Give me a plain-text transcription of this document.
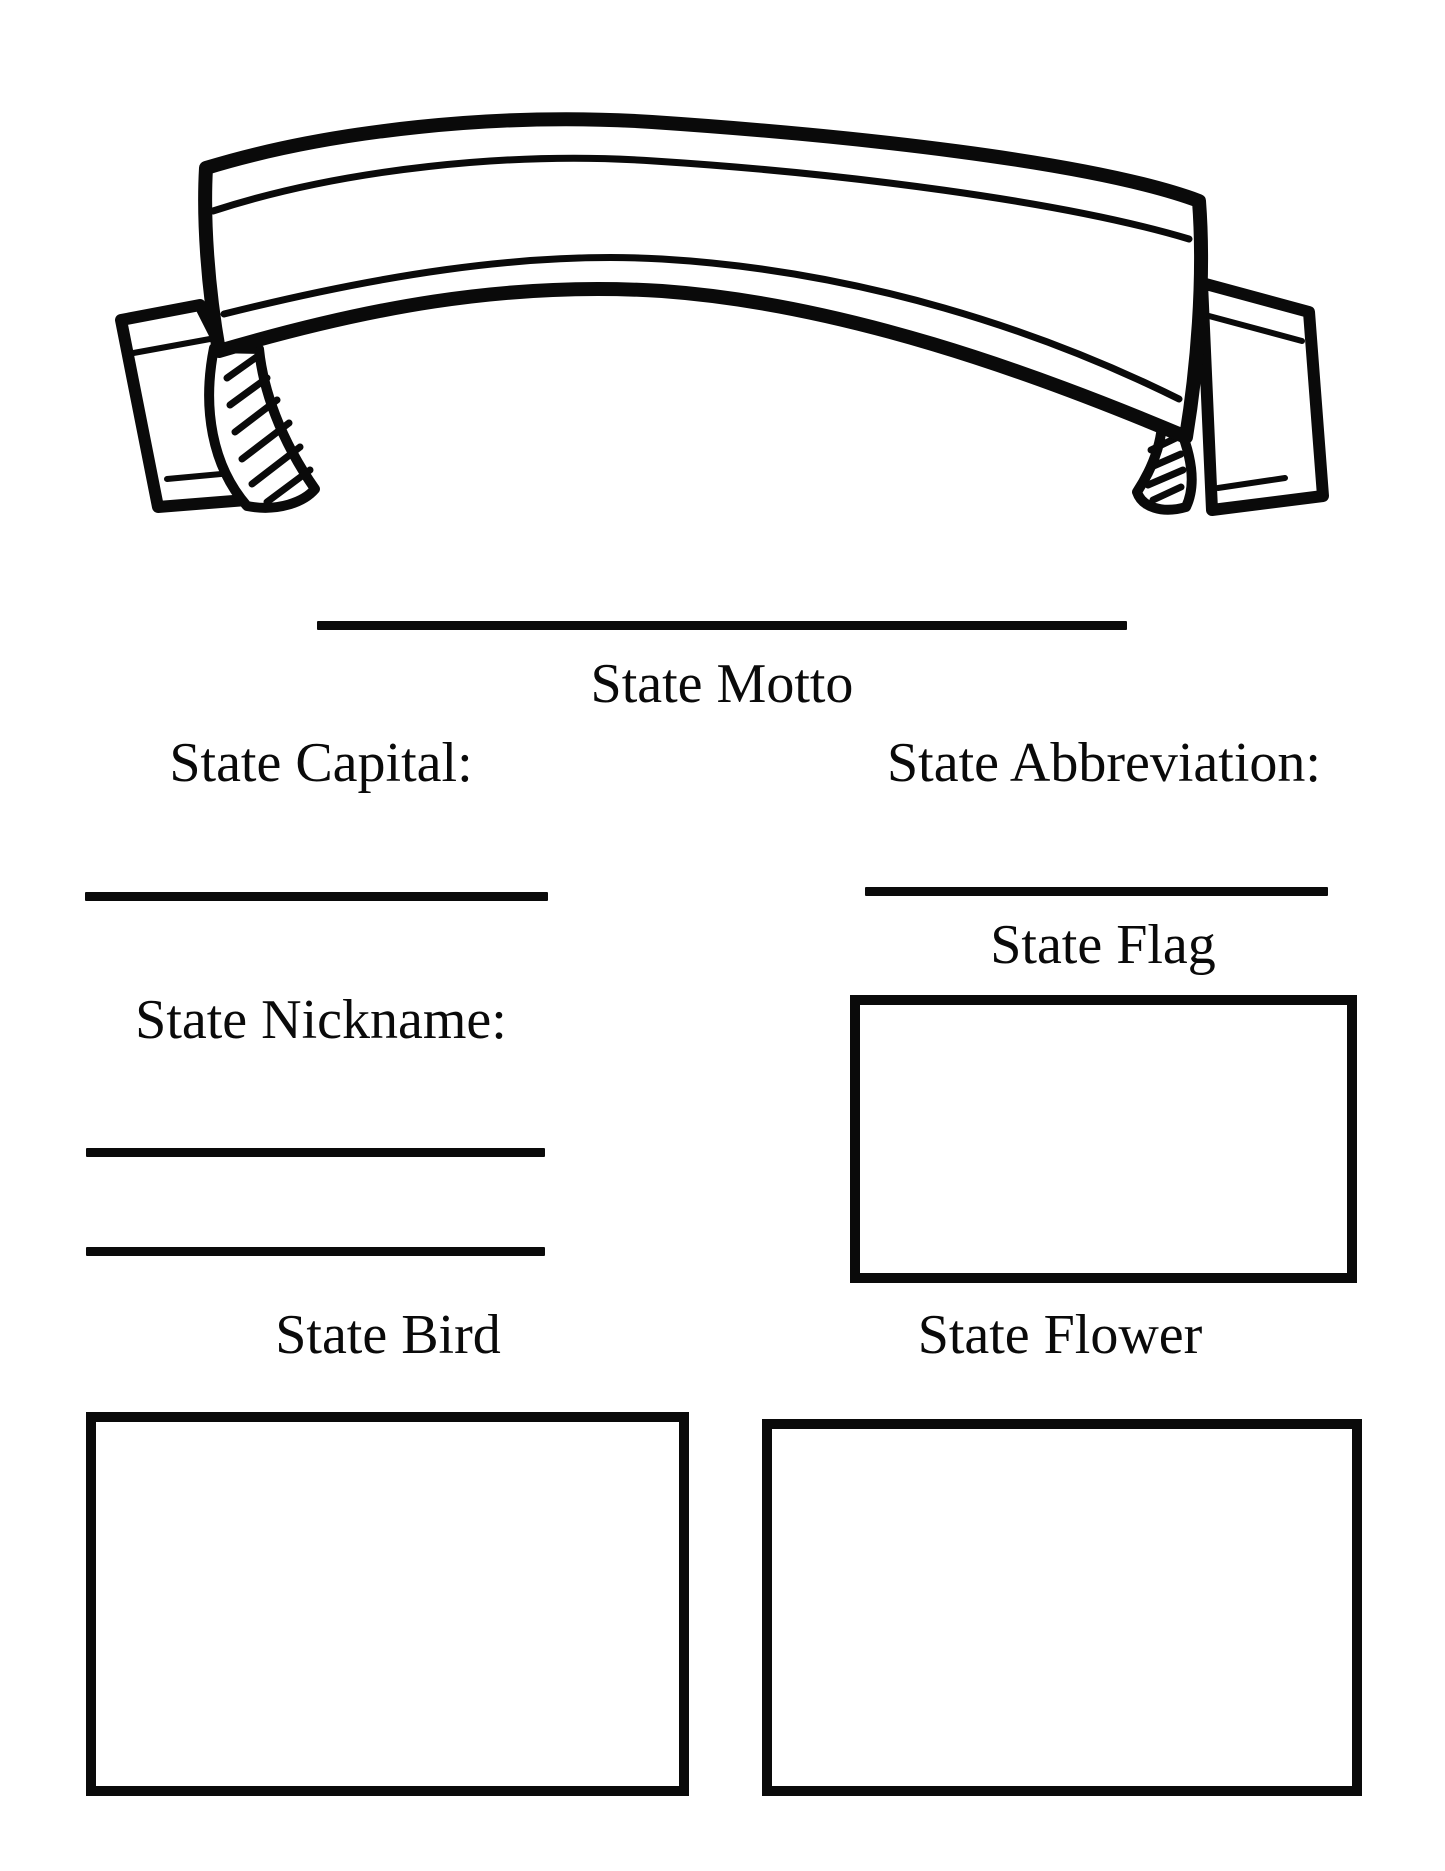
State Motto
State Capital:	State Abbreviation:
State Flag
State Nickname:
State Bird	State Flower
